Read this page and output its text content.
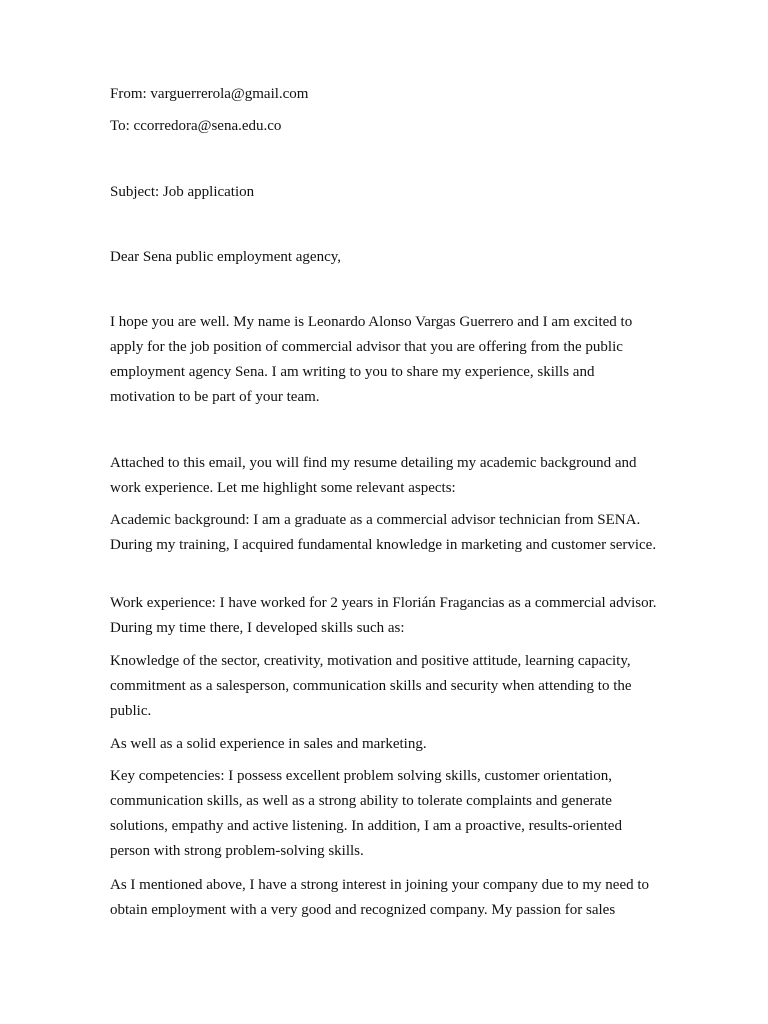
From: varguerrerola@gmail.com

To: ccorredora@sena.edu.co

Subject: Job application

Dear Sena public employment agency,

I hope you are well. My name is Leonardo Alonso Vargas Guerrero and I am excited to apply for the job position of commercial advisor that you are offering from the public employment agency Sena. I am writing to you to share my experience, skills and motivation to be part of your team.

Attached to this email, you will find my resume detailing my academic background and work experience. Let me highlight some relevant aspects:

Academic background: I am a graduate as a commercial advisor technician from SENA. During my training, I acquired fundamental knowledge in marketing and customer service.

Work experience: I have worked for 2 years in Florián Fragancias as a commercial advisor. During my time there, I developed skills such as:

Knowledge of the sector, creativity, motivation and positive attitude, learning capacity, commitment as a salesperson, communication skills and security when attending to the public.

As well as a solid experience in sales and marketing.

Key competencies: I possess excellent problem solving skills, customer orientation, communication skills, as well as a strong ability to tolerate complaints and generate solutions, empathy and active listening. In addition, I am a proactive, results-oriented person with strong problem-solving skills.

As I mentioned above, I have a strong interest in joining your company due to my need to obtain employment with a very good and recognized company. My passion for sales
